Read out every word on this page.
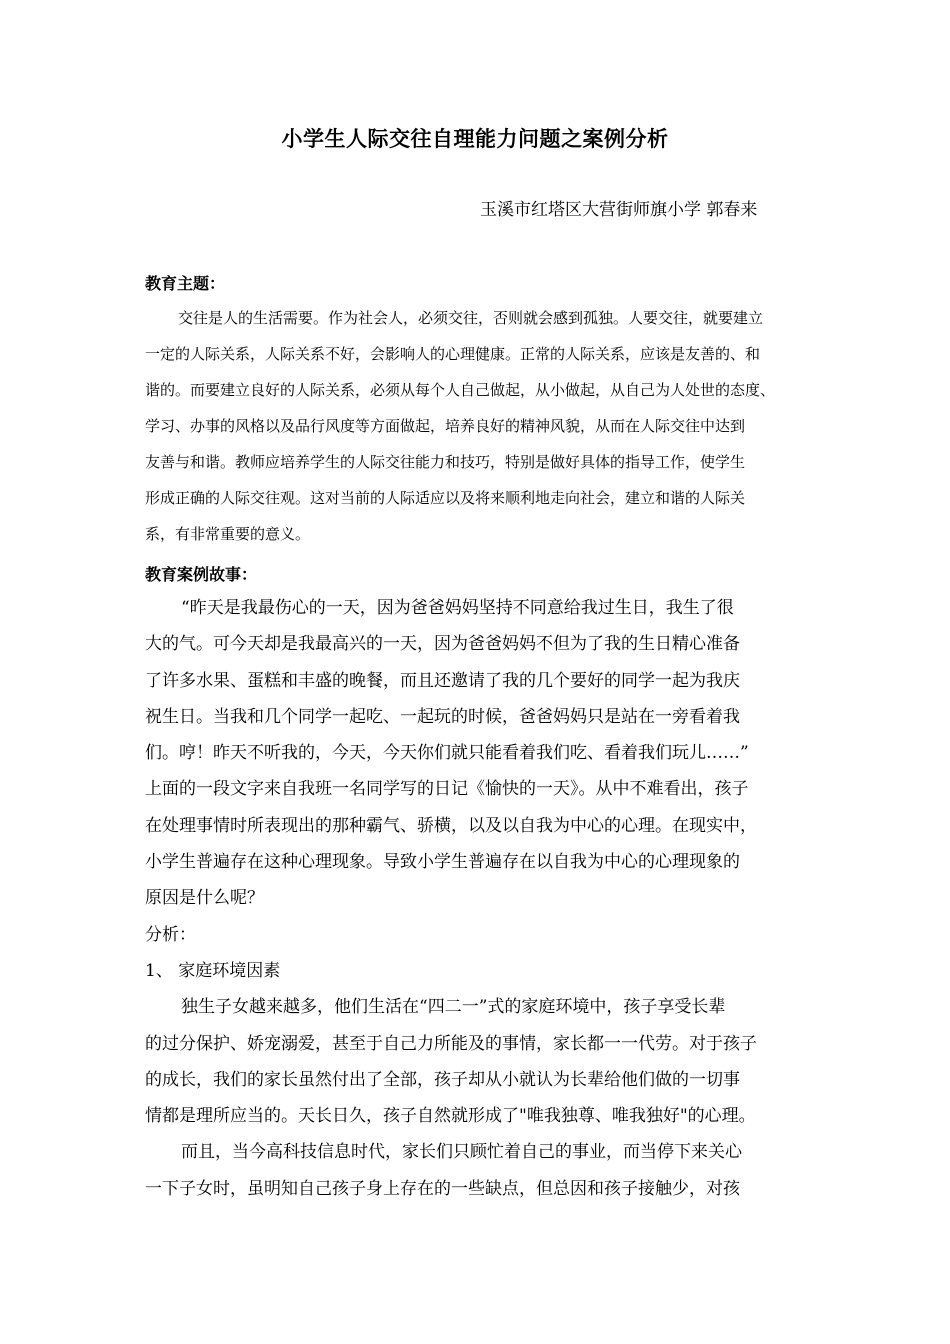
小学生人际交往自理能力问题之案例分析
玉溪市红塔区大营街师旗小学 郭春来
教育主题：
交往是人的生活需要。作为社会人，必须交往，否则就会感到孤独。人要交往，就要建立
一定的人际关系，人际关系不好，会影响人的心理健康。正常的人际关系，应该是友善的、和
谐的。而要建立良好的人际关系，必须从每个人自己做起，从小做起，从自己为人处世的态度、
学习、办事的风格以及品行风度等方面做起，培养良好的精神风貌，从而在人际交往中达到
友善与和谐。教师应培养学生的人际交往能力和技巧，特别是做好具体的指导工作，使学生
形成正确的人际交往观。这对当前的人际适应以及将来顺利地走向社会，建立和谐的人际关
系，有非常重要的意义。
教育案例故事：
“昨天是我最伤心的一天，因为爸爸妈妈坚持不同意给我过生日，我生了很
大的气。可今天却是我最高兴的一天，因为爸爸妈妈不但为了我的生日精心准备
了许多水果、蛋糕和丰盛的晚餐，而且还邀请了我的几个要好的同学一起为我庆
祝生日。当我和几个同学一起吃、一起玩的时候，爸爸妈妈只是站在一旁看着我
们。哼！昨天不听我的，今天，今天你们就只能看着我们吃、看着我们玩儿……”
上面的一段文字来自我班一名同学写的日记《愉快的一天》。从中不难看出，孩子
在处理事情时所表现出的那种霸气、骄横，以及以自我为中心的心理。在现实中，
小学生普遍存在这种心理现象。导致小学生普遍存在以自我为中心的心理现象的
原因是什么呢？
分析：
1、 家庭环境因素
独生子女越来越多，他们生活在“四二一”式的家庭环境中，孩子享受长辈
的过分保护、娇宠溺爱，甚至于自己力所能及的事情，家长都一一代劳。对于孩子
的成长，我们的家长虽然付出了全部，孩子却从小就认为长辈给他们做的一切事
情都是理所应当的。天长日久，孩子自然就形成了"唯我独尊、唯我独好"的心理。
而且，当今高科技信息时代，家长们只顾忙着自己的事业，而当停下来关心
一下子女时，虽明知自己孩子身上存在的一些缺点，但总因和孩子接触少，对孩
